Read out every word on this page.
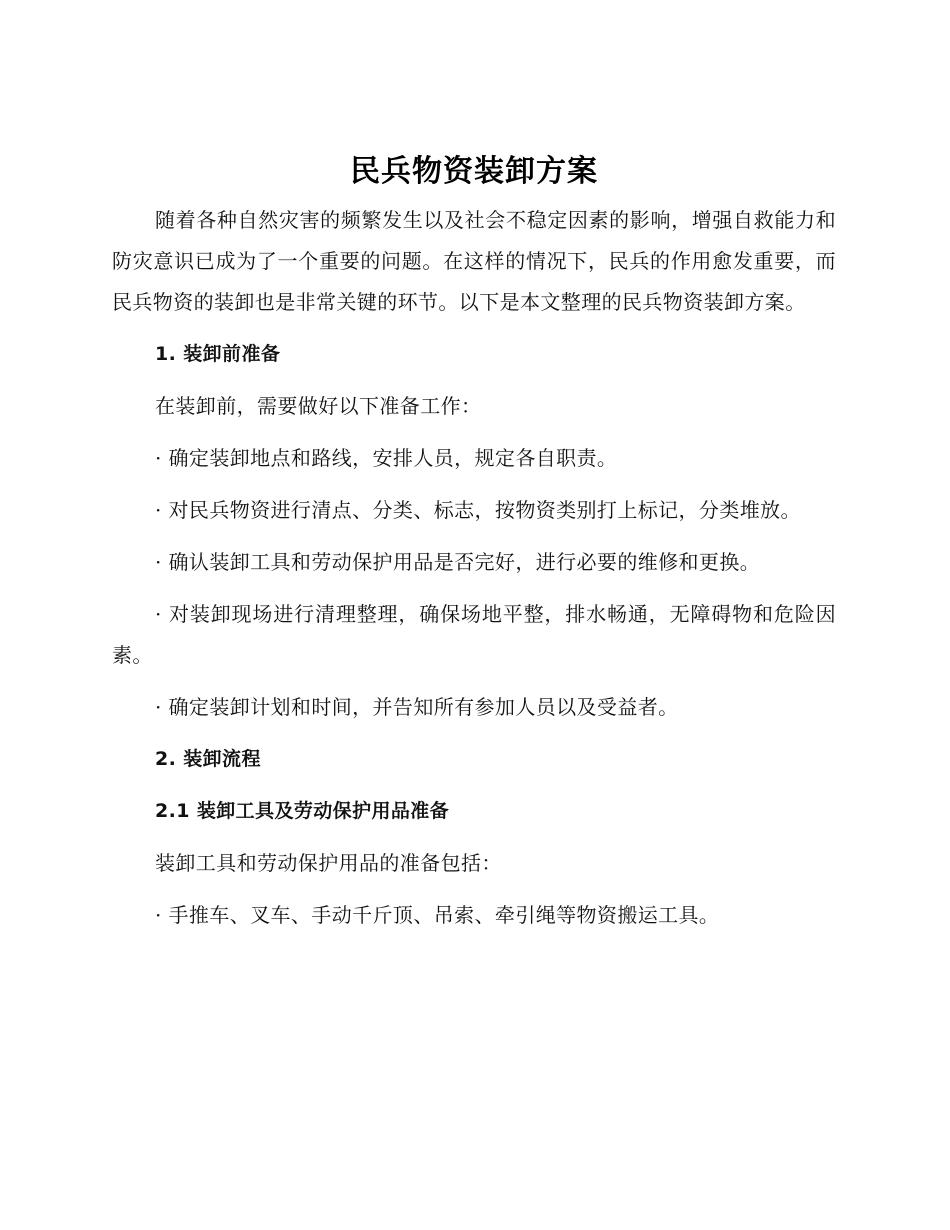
民兵物资装卸方案

随着各种自然灾害的频繁发生以及社会不稳定因素的影响，增强自救能力和防灾意识已成为了一个重要的问题。在这样的情况下，民兵的作用愈发重要，而民兵物资的装卸也是非常关键的环节。以下是本文整理的民兵物资装卸方案。

1. 装卸前准备

在装卸前，需要做好以下准备工作：

· 确定装卸地点和路线，安排人员，规定各自职责。

· 对民兵物资进行清点、分类、标志，按物资类别打上标记，分类堆放。

· 确认装卸工具和劳动保护用品是否完好，进行必要的维修和更换。

· 对装卸现场进行清理整理，确保场地平整，排水畅通，无障碍物和危险因素。

· 确定装卸计划和时间，并告知所有参加人员以及受益者。

2. 装卸流程

2.1 装卸工具及劳动保护用品准备

装卸工具和劳动保护用品的准备包括：

· 手推车、叉车、手动千斤顶、吊索、牵引绳等物资搬运工具。
